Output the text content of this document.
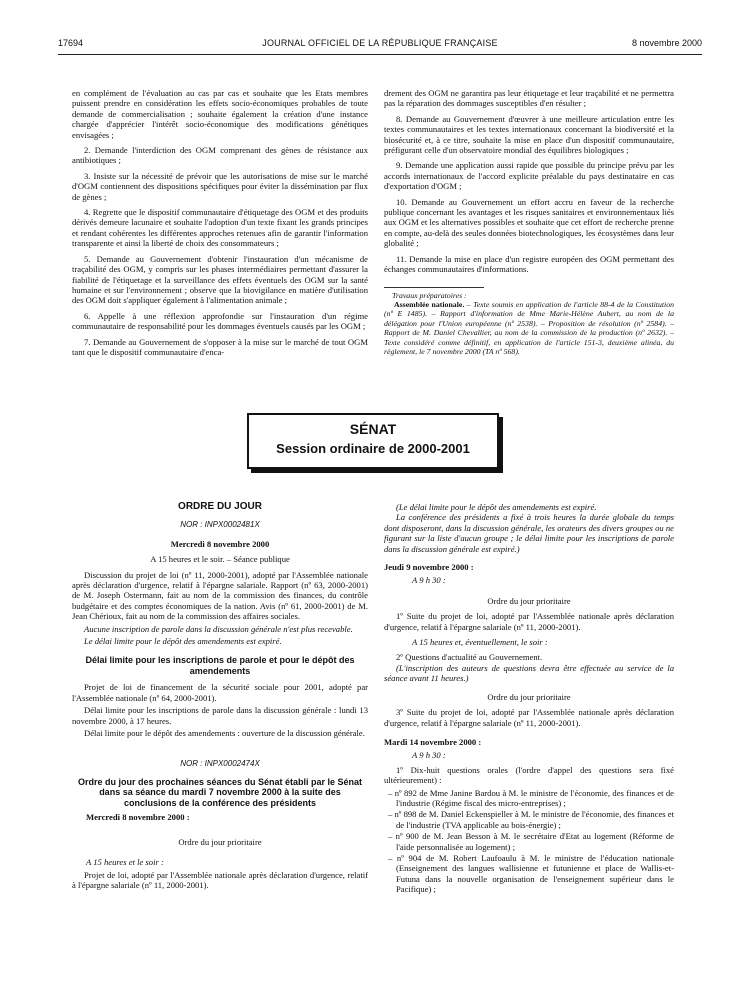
17694	JOURNAL OFFICIEL DE LA RÉPUBLIQUE FRANÇAISE	8 novembre 2000

en complément de l'évaluation au cas par cas et souhaite que les Etats membres puissent prendre en considération les effets socio-économiques probables de toute demande de commercialisation ; souhaite également la création d'une instance chargée d'apprécier l'intérêt socio-économique des modifications génétiques envisagées ;

2. Demande l'interdiction des OGM comprenant des gènes de résistance aux antibiotiques ;

3. Insiste sur la nécessité de prévoir que les autorisations de mise sur le marché d'OGM contiennent des dispositions spécifiques pour éviter la dissémination par flux de gènes ;

4. Regrette que le dispositif communautaire d'étiquetage des OGM et des produits dérivés demeure lacunaire et souhaite l'adoption d'un texte fixant les grands principes et rendant cohérentes les différentes approches retenues afin de garantir l'information transparente et ainsi la liberté de choix des consommateurs ;

5. Demande au Gouvernement d'obtenir l'instauration d'un mécanisme de traçabilité des OGM, y compris sur les phases intermédiaires permettant d'assurer la fiabilité de l'étiquetage et la surveillance des effets éventuels des OGM sur la santé humaine et sur l'environnement ; observe que la biovigilance en matière d'utilisation des OGM doit s'appliquer également à l'alimentation animale ;

6. Appelle à une réflexion approfondie sur l'instauration d'un régime communautaire de responsabilité pour les dommages éventuels causés par les OGM ;

7. Demande au Gouvernement de s'opposer à la mise sur le marché de tout OGM tant que le dispositif communautaire d'enca-

drement des OGM ne garantira pas leur étiquetage et leur traçabilité et ne permettra pas la réparation des dommages susceptibles d'en résulter ;

8. Demande au Gouvernement d'œuvrer à une meilleure articulation entre les textes communautaires et les textes internationaux concernant la biodiversité et la biosécurité et, à ce titre, souhaite la mise en place d'un dispositif communautaire, préfigurant celle d'un observatoire mondial des équilibres biologiques ;

9. Demande une application aussi rapide que possible du principe prévu par les accords internationaux de l'accord explicite préalable du pays destinataire en cas d'exportation d'OGM ;

10. Demande au Gouvernement un effort accru en faveur de la recherche publique concernant les avantages et les risques sanitaires et environnementaux liés aux OGM et les alternatives possibles et souhaite que cet effort de recherche prenne en compte, au-delà des seules données biotechnologiques, les écosystèmes dans leur globalité ;

11. Demande la mise en place d'un registre européen des OGM permettant des échanges communautaires d'informations.

Travaux préparatoires :

Assemblée nationale. – Texte soumis en application de l'article 88-4 de la Constitution (nº E 1485). – Rapport d'information de Mme Marie-Hélène Aubert, au nom de la délégation pour l'Union européenne (nº 2538). – Proposition de résolution (nº 2584). – Rapport de M. Daniel Chevallier, au nom de la commission de la production (nº 2632). – Texte considéré comme définitif, en application de l'article 151-3, deuxième alinéa, du règlement, le 7 novembre 2000 (TA nº 568).

SÉNAT
Session ordinaire de 2000-2001
ORDRE DU JOUR
NOR : INPX0002481X
Mercredi 8 novembre 2000
A 15 heures et le soir. – Séance publique

Discussion du projet de loi (nº 11, 2000-2001), adopté par l'Assemblée nationale après déclaration d'urgence, relatif à l'épargne salariale. Rapport (nº 63, 2000-2001) de M. Joseph Ostermann, fait au nom de la commission des finances, du contrôle budgétaire et des comptes économiques de la nation. Avis (nº 61, 2000-2001) de M. Jean Chérioux, fait au nom de la commission des affaires sociales.

Aucune inscription de parole dans la discussion générale n'est plus recevable.

Le délai limite pour le dépôt des amendements est expiré.

Délai limite pour les inscriptions de parole et pour le dépôt des amendements

Projet de loi de financement de la sécurité sociale pour 2001, adopté par l'Assemblée nationale (nº 64, 2000-2001).

Délai limite pour les inscriptions de parole dans la discussion générale : lundi 13 novembre 2000, à 17 heures.

Délai limite pour le dépôt des amendements : ouverture de la discussion générale.

NOR : INPX0002474X
Ordre du jour des prochaines séances du Sénat établi par le Sénat dans sa séance du mardi 7 novembre 2000 à la suite des conclusions de la conférence des présidents
Mercredi 8 novembre 2000 :
Ordre du jour prioritaire
A 15 heures et le soir :

Projet de loi, adopté par l'Assemblée nationale après déclaration d'urgence, relatif à l'épargne salariale (nº 11, 2000-2001).

(Le délai limite pour le dépôt des amendements est expiré.

La conférence des présidents a fixé à trois heures la durée globale du temps dont disposeront, dans la discussion générale, les orateurs des divers groupes ou ne figurant sur la liste d'aucun groupe ; le délai limite pour les inscriptions de parole dans la discussion générale est expiré.)

Jeudi 9 novembre 2000 :
A 9 h 30 :
Ordre du jour prioritaire

1º Suite du projet de loi, adopté par l'Assemblée nationale après déclaration d'urgence, relatif à l'épargne salariale (nº 11, 2000-2001).

A 15 heures et, éventuellement, le soir :

2º Questions d'actualité au Gouvernement.

(L'inscription des auteurs de questions devra être effectuée au service de la séance avant 11 heures.)

Ordre du jour prioritaire

3º Suite du projet de loi, adopté par l'Assemblée nationale après déclaration d'urgence, relatif à l'épargne salariale (nº 11, 2000-2001).

Mardi 14 novembre 2000 :
A 9 h 30 :

1º Dix-huit questions orales (l'ordre d'appel des questions sera fixé ultérieurement) :

– nº 892 de Mme Janine Bardou à M. le ministre de l'économie, des finances et de l'industrie (Régime fiscal des micro-entreprises) ;
– nº 898 de M. Daniel Eckenspieller à M. le ministre de l'économie, des finances et de l'industrie (TVA applicable au bois-énergie) ;
– nº 900 de M. Jean Besson à M. le secrétaire d'Etat au logement (Réforme de l'aide personnalisée au logement) ;
– nº 904 de M. Robert Laufoaulu à M. le ministre de l'éducation nationale (Enseignement des langues wallisienne et futunienne et place de Wallis-et-Futuna dans la nouvelle organisation de l'enseignement supérieur dans le Pacifique) ;
